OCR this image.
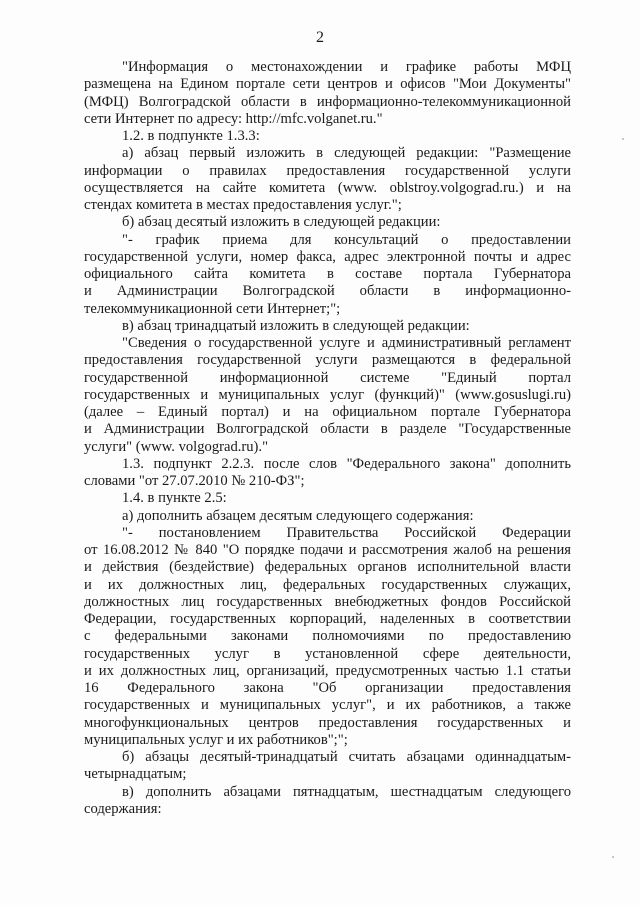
2
"Информация о местонахождении и графике работы МФЦ
размещена на Едином портале сети центров и офисов "Мои Документы"
(МФЦ) Волгоградской области в информационно-телекоммуникационной
сети Интернет по адресу: http://mfc.volganet.ru."
1.2. в подпункте 1.3.3:
а) абзац первый изложить в следующей редакции: "Размещение
информации о правилах предоставления государственной услуги
осуществляется на сайте комитета (www. oblstroy.volgograd.ru.) и на
стендах комитета в местах предоставления услуг.";
б) абзац десятый изложить в следующей редакции:
"- график приема для консультаций о предоставлении
государственной услуги, номер факса, адрес электронной почты и адрес
официального сайта комитета в составе портала Губернатора
и Администрации Волгоградской области в информационно-
телекоммуникационной сети Интернет;";
в) абзац тринадцатый изложить в следующей редакции:
"Сведения о государственной услуге и административный регламент
предоставления государственной услуги размещаются в федеральной
государственной информационной системе "Единый портал
государственных и муниципальных услуг (функций)" (www.gosuslugi.ru)
(далее – Единый портал) и на официальном портале Губернатора
и Администрации Волгоградской области в разделе "Государственные
услуги" (www. volgograd.ru)."
1.3. подпункт 2.2.3. после слов "Федерального закона" дополнить
словами "от 27.07.2010 № 210-ФЗ";
1.4. в пункте 2.5:
а) дополнить абзацем десятым следующего содержания:
"- постановлением Правительства Российской Федерации
от 16.08.2012 № 840 "О порядке подачи и рассмотрения жалоб на решения
и действия (бездействие) федеральных органов исполнительной власти
и их должностных лиц, федеральных государственных служащих,
должностных лиц государственных внебюджетных фондов Российской
Федерации, государственных корпораций, наделенных в соответствии
с федеральными законами полномочиями по предоставлению
государственных услуг в установленной сфере деятельности,
и их должностных лиц, организаций, предусмотренных частью 1.1 статьи
16 Федерального закона "Об организации предоставления
государственных и муниципальных услуг", и их работников, а также
многофункциональных центров предоставления государственных и
муниципальных услуг и их работников";";
б) абзацы десятый-тринадцатый считать абзацами одиннадцатым-
четырнадцатым;
в) дополнить абзацами пятнадцатым, шестнадцатым следующего
содержания:
